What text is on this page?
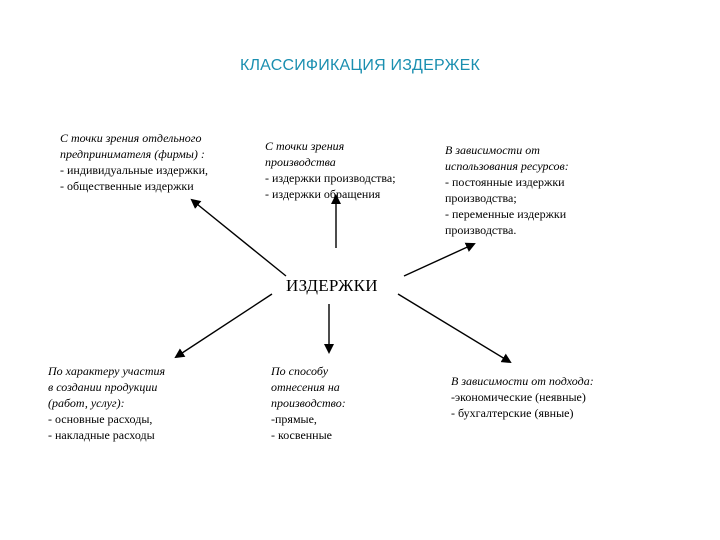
КЛАССИФИКАЦИЯ ИЗДЕРЖЕК
ИЗДЕРЖКИ
С точки зрения отдельного
предпринимателя (фирмы) :
- индивидуальные издержки,
- общественные издержки
С точки зрения
производства
- издержки производства;
- издержки обращения
В зависимости от
использования ресурсов:
- постоянные издержки
производства;
- переменные издержки
производства.
По характеру участия
в создании продукции
(работ, услуг):
- основные расходы,
- накладные расходы
По способу
отнесения на
производство:
-прямые,
- косвенные
В зависимости от подхода:
-экономические (неявные)
- бухгалтерские (явные)
